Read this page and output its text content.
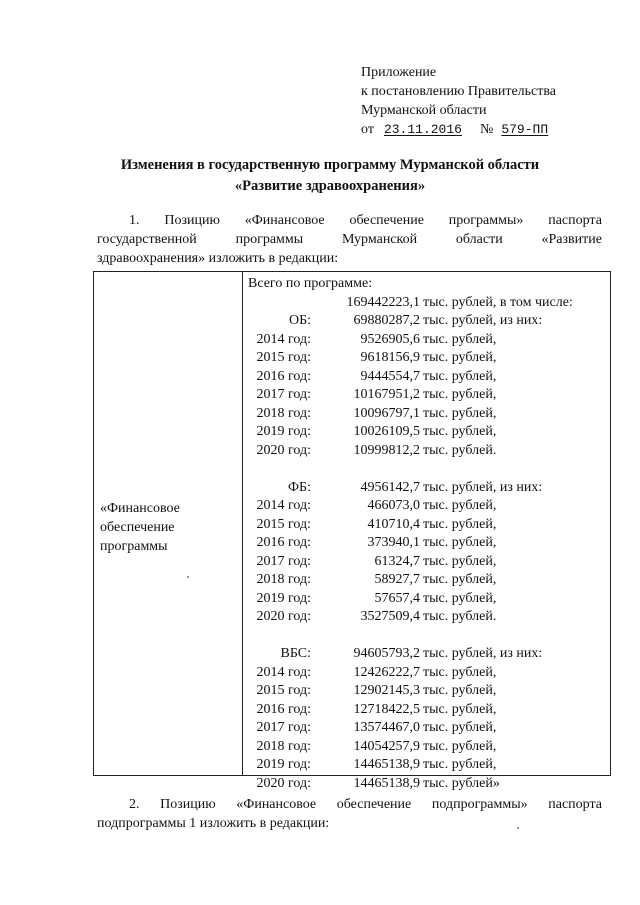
Приложение
к постановлению Правительства
Мурманской области
от 23.11.2016 № 579-ПП
Изменения в государственную программу Мурманской области
«Развитие здравоохранения»
1. Позицию «Финансовое обеспечение программы» паспорта
государственной	программы	Мурманской	области	«Развитие
здравоохранения» изложить в редакции:
«Финансовое
обеспечение
программы
Всего по программе:
169442223,1 тыс. рублей, в том числе:
ОБ:	69880287,2 тыс. рублей, из них:
2014 год:	9526905,6 тыс. рублей,
2015 год:	9618156,9 тыс. рублей,
2016 год:	9444554,7 тыс. рублей,
2017 год:	10167951,2 тыс. рублей,
2018 год:	10096797,1 тыс. рублей,
2019 год:	10026109,5 тыс. рублей,
2020 год:	10999812,2 тыс. рублей.
ФБ:	4956142,7 тыс. рублей, из них:
2014 год:	466073,0 тыс. рублей,
2015 год:	410710,4 тыс. рублей,
2016 год:	373940,1 тыс. рублей,
2017 год:	61324,7 тыс. рублей,
2018 год:	58927,7 тыс. рублей,
2019 год:	57657,4 тыс. рублей,
2020 год:	3527509,4 тыс. рублей.
ВБС:	94605793,2 тыс. рублей, из них:
2014 год:	12426222,7 тыс. рублей,
2015 год:	12902145,3 тыс. рублей,
2016 год:	12718422,5 тыс. рублей,
2017 год:	13574467,0 тыс. рублей,
2018 год:	14054257,9 тыс. рублей,
2019 год:	14465138,9 тыс. рублей,
2020 год:	14465138,9 тыс. рублей»
2. Позицию «Финансовое обеспечение подпрограммы» паспорта
подпрограммы 1 изложить в редакции:
